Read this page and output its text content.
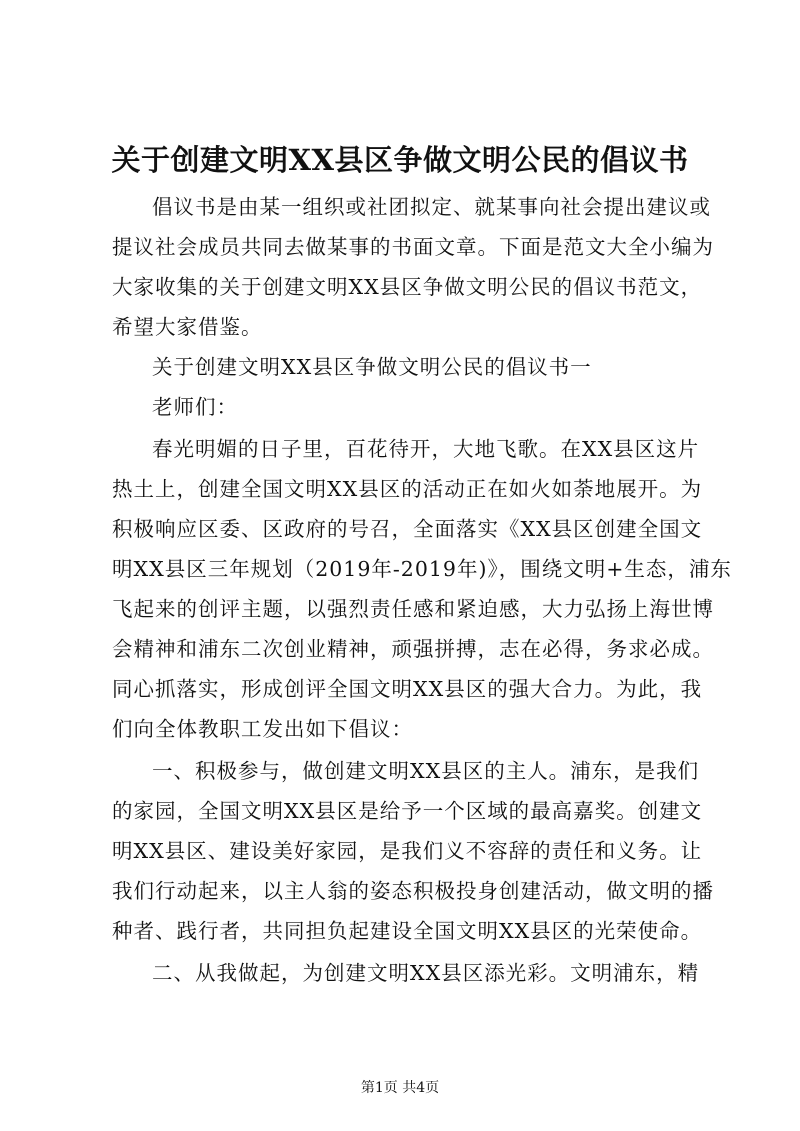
关于创建文明XX县区争做文明公民的倡议书
倡议书是由某一组织或社团拟定、就某事向社会提出建议或
提议社会成员共同去做某事的书面文章。下面是范文大全小编为
大家收集的关于创建文明XX县区争做文明公民的倡议书范文，
希望大家借鉴。
关于创建文明XX县区争做文明公民的倡议书一
老师们：
春光明媚的日子里，百花待开，大地飞歌。在XX县区这片
热土上，创建全国文明XX县区的活动正在如火如荼地展开。为
积极响应区委、区政府的号召，全面落实《XX县区创建全国文
明XX县区三年规划（2019年-2019年)》，围绕文明+生态，浦东
飞起来的创评主题，以强烈责任感和紧迫感，大力弘扬上海世博
会精神和浦东二次创业精神，顽强拼搏，志在必得，务求必成。
同心抓落实，形成创评全国文明XX县区的强大合力。为此，我
们向全体教职工发出如下倡议：
一、积极参与，做创建文明XX县区的主人。浦东，是我们
的家园，全国文明XX县区是给予一个区域的最高嘉奖。创建文
明XX县区、建设美好家园，是我们义不容辞的责任和义务。让
我们行动起来，以主人翁的姿态积极投身创建活动，做文明的播
种者、践行者，共同担负起建设全国文明XX县区的光荣使命。
二、从我做起，为创建文明XX县区添光彩。文明浦东，精
第1页 共4页
